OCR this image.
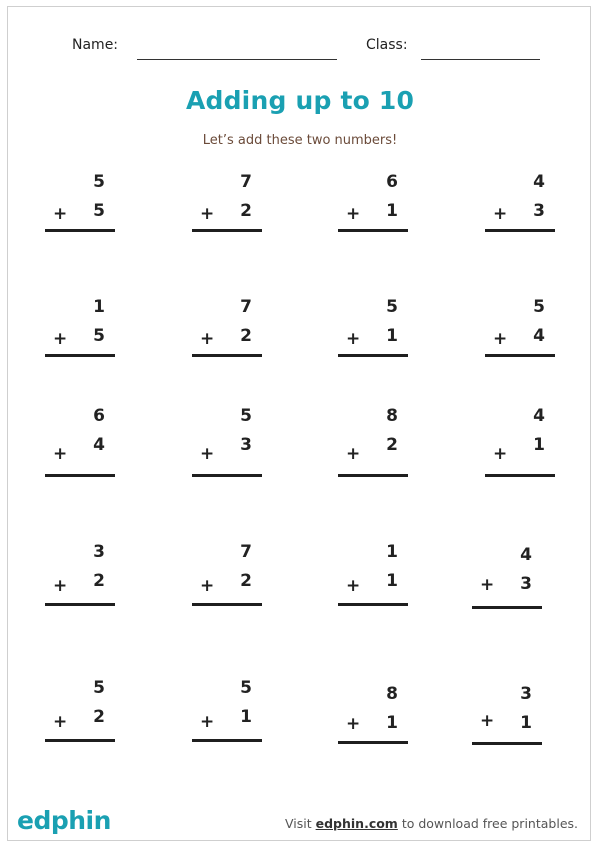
Name:	Class:
Adding up to 10
Let’s add these two numbers!
5
+ 5
7
+ 2
6
+ 1
4
+ 3
1
+ 5
7
+ 2
5
+ 1
5
+ 4
6
+ 4
5
+ 3
8
+ 2
4
+ 1
3
+ 2
7
+ 2
1
+ 1
4
+ 3
5
+ 2
5
+ 1
8
+ 1
3
+ 1
edphin	Visit edphin.com to download free printables.
